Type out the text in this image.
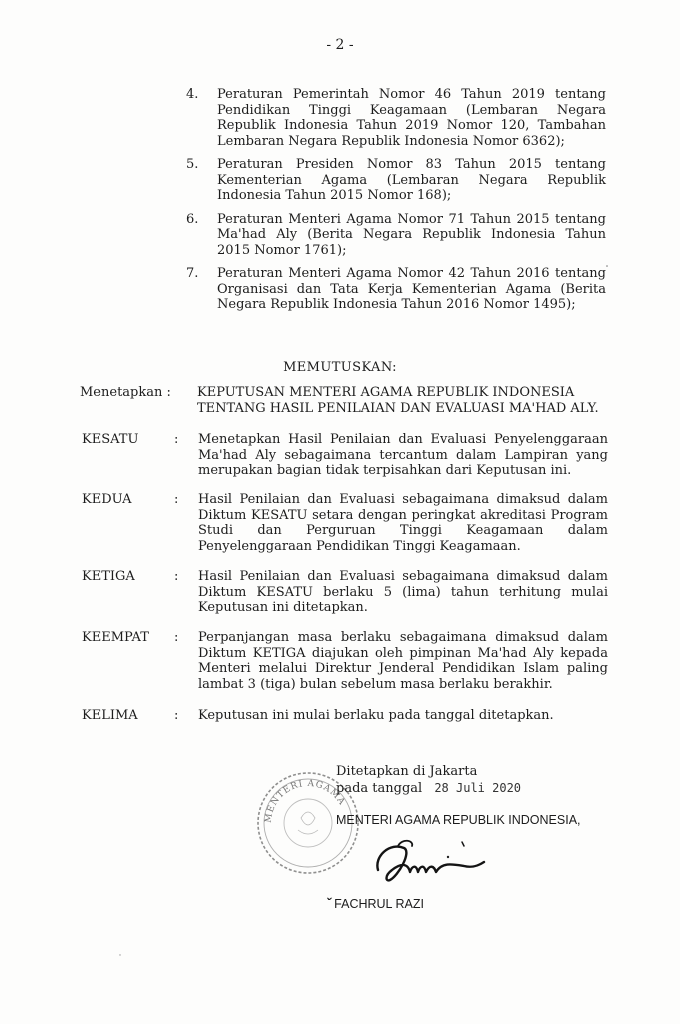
- 2 -
4. Peraturan Pemerintah Nomor 46 Tahun 2019 tentang Pendidikan Tinggi Keagamaan (Lembaran Negara Republik Indonesia Tahun 2019 Nomor 120, Tambahan Lembaran Negara Republik Indonesia Nomor 6362);
5. Peraturan Presiden Nomor 83 Tahun 2015 tentang Kementerian Agama (Lembaran Negara Republik Indonesia Tahun 2015 Nomor 168);
6. Peraturan Menteri Agama Nomor 71 Tahun 2015 tentang Ma'had Aly (Berita Negara Republik Indonesia Tahun 2015 Nomor 1761);
7. Peraturan Menteri Agama Nomor 42 Tahun 2016 tentang Organisasi dan Tata Kerja Kementerian Agama (Berita Negara Republik Indonesia Tahun 2016 Nomor 1495);
MEMUTUSKAN:
Menetapkan : KEPUTUSAN MENTERI AGAMA REPUBLIK INDONESIA TENTANG HASIL PENILAIAN DAN EVALUASI MA'HAD ALY.
KESATU	: Menetapkan Hasil Penilaian dan Evaluasi Penyelenggaraan Ma'had Aly sebagaimana tercantum dalam Lampiran yang merupakan bagian tidak terpisahkan dari Keputusan ini.
KEDUA	: Hasil Penilaian dan Evaluasi sebagaimana dimaksud dalam Diktum KESATU setara dengan peringkat akreditasi Program Studi dan Perguruan Tinggi Keagamaan dalam Penyelenggaraan Pendidikan Tinggi Keagamaan.
KETIGA	: Hasil Penilaian dan Evaluasi sebagaimana dimaksud dalam Diktum KESATU berlaku 5 (lima) tahun terhitung mulai Keputusan ini ditetapkan.
KEEMPAT : Perpanjangan masa berlaku sebagaimana dimaksud dalam Diktum KETIGA diajukan oleh pimpinan Ma'had Aly kepada Menteri melalui Direktur Jenderal Pendidikan Islam paling lambat 3 (tiga) bulan sebelum masa berlaku berakhir.
KELIMA	: Keputusan ini mulai berlaku pada tanggal ditetapkan.
MENTERI AGAMA
Ditetapkan di Jakarta
pada tanggal 28 Juli 2020
MENTERI AGAMA REPUBLIK INDONESIA,
ˇ FACHRUL RAZI
